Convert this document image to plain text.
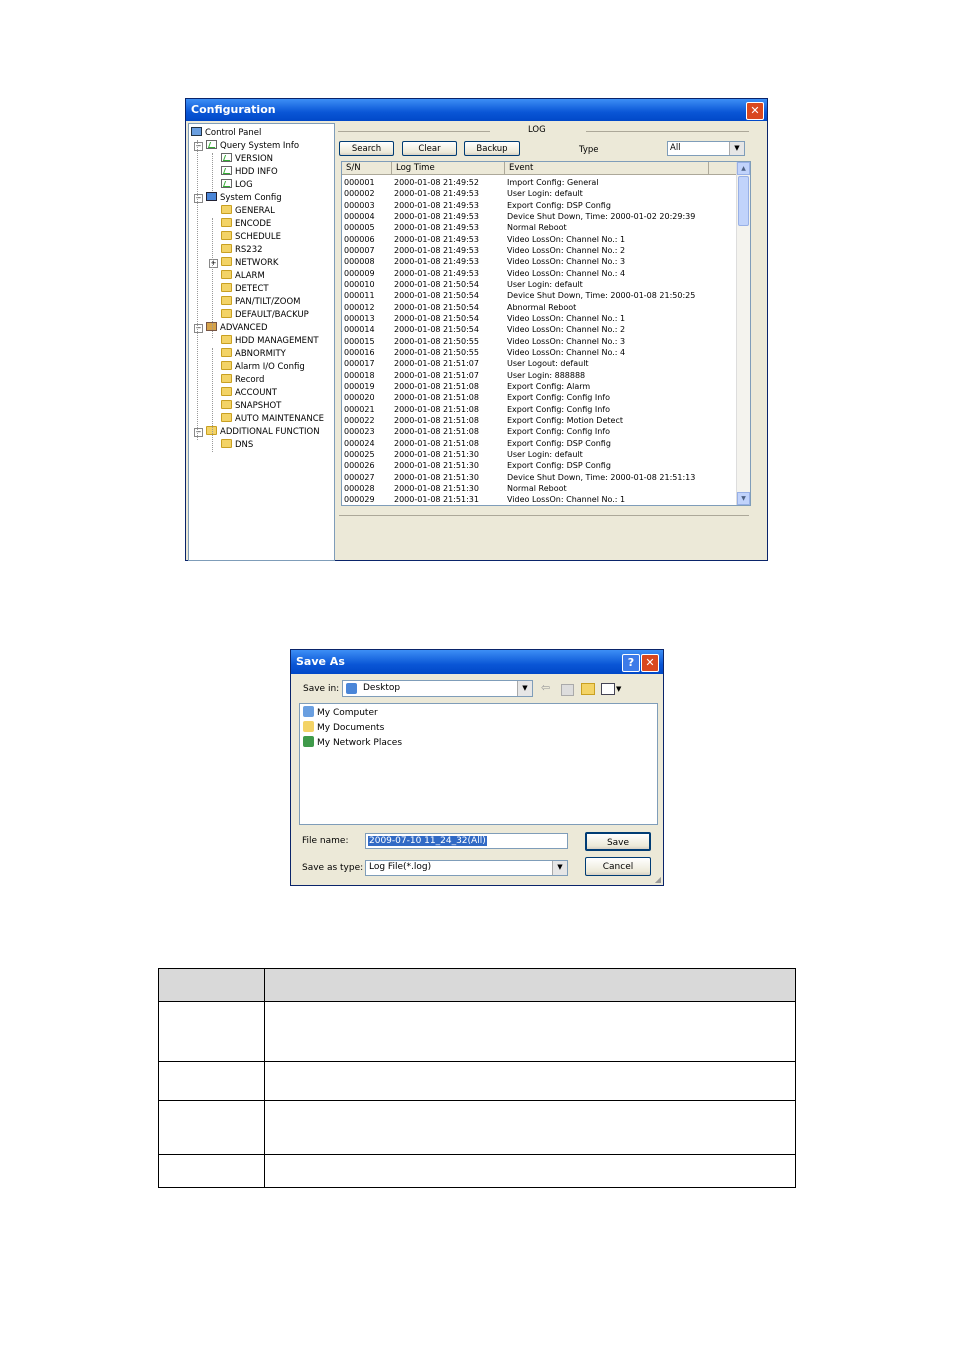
Configuration	✕
Control Panel
Query System Info
−
VERSION
HDD INFO
LOG
System Config
−
GENERAL
ENCODE
SCHEDULE
RS232
NETWORK
+
ALARM
DETECT
PAN/TILT/ZOOM
DEFAULT/BACKUP
ADVANCED
−
HDD MANAGEMENT
ABNORMITY
Alarm I/O Config
Record
ACCOUNT
SNAPSHOT
AUTO MAINTENANCE
ADDITIONAL FUNCTION
−
DNS
LOG
Search	Clear	Backup	Type	All	▼
S/N	Log Time	Event
000001 2000-01-08 21:49:52	Import Config: General
000002 2000-01-08 21:49:53	User Login: default
000003 2000-01-08 21:49:53	Export Config: DSP Config
000004 2000-01-08 21:49:53	Device Shut Down, Time: 2000-01-02 20:29:39
000005 2000-01-08 21:49:53	Normal Reboot
000006 2000-01-08 21:49:53	Video LossOn: Channel No.: 1
000007 2000-01-08 21:49:53	Video LossOn: Channel No.: 2
000008 2000-01-08 21:49:53	Video LossOn: Channel No.: 3
000009 2000-01-08 21:49:53	Video LossOn: Channel No.: 4
000010 2000-01-08 21:50:54	User Login: default
000011 2000-01-08 21:50:54	Device Shut Down, Time: 2000-01-08 21:50:25
000012 2000-01-08 21:50:54	Abnormal Reboot
000013 2000-01-08 21:50:54	Video LossOn: Channel No.: 1
000014 2000-01-08 21:50:54	Video LossOn: Channel No.: 2
000015 2000-01-08 21:50:55	Video LossOn: Channel No.: 3
000016 2000-01-08 21:50:55	Video LossOn: Channel No.: 4
000017 2000-01-08 21:51:07	User Logout: default
000018 2000-01-08 21:51:07	User Login: 888888
000019 2000-01-08 21:51:08	Export Config: Alarm
000020 2000-01-08 21:51:08	Export Config: Config Info
000021 2000-01-08 21:51:08	Export Config: Config Info
000022 2000-01-08 21:51:08	Export Config: Motion Detect
000023 2000-01-08 21:51:08	Export Config: Config Info
000024 2000-01-08 21:51:08	Export Config: DSP Config
000025 2000-01-08 21:51:30	User Login: default
000026 2000-01-08 21:51:30	Export Config: DSP Config
000027 2000-01-08 21:51:30	Device Shut Down, Time: 2000-01-08 21:51:13
000028 2000-01-08 21:51:30	Normal Reboot
000029 2000-01-08 21:51:31	Video LossOn: Channel No.: 1
▲
▼
Save As	?	✕
Save in:	Desktop	▼	⇦	▼
My Computer
My Documents
My Network Places
File name:	2009-07-10 11_24_32(All)	Save
Save as type: Log File(*.log)	▼	Cancel
◢
